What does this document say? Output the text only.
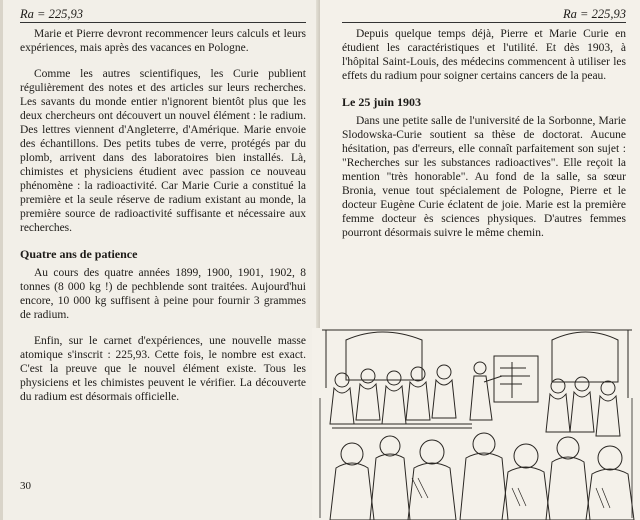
Ra = 225,93

Marie et Pierre devront recommencer leurs calculs et leurs expériences, mais après des vacances en Pologne.

Comme les autres scientifiques, les Curie publient régulièrement des notes et des articles sur leurs recherches. Les savants du monde entier n'ignorent bientôt plus que les deux chercheurs ont découvert un nouvel élément : le radium. Des lettres viennent d'Angleterre, d'Amérique. Marie envoie des échantillons. Des petits tubes de verre, protégés par du plomb, arrivent dans des laboratoires bien installés. Là, chimistes et physiciens étudient avec passion ce nouveau phénomène : la radioactivité. Car Marie Curie a constitué la première et la seule réserve de radium existant au monde, la première source de radioactivité suffisante et nécessaire aux recherches.

Quatre ans de patience

Au cours des quatre années 1899, 1900, 1901, 1902, 8 tonnes (8 000 kg !) de pechblende sont traitées. Aujourd'hui encore, 10 000 kg suffisent à peine pour fournir 3 grammes de radium.

Enfin, sur le carnet d'expériences, une nouvelle masse atomique s'inscrit : 225,93. Cette fois, le nombre est exact. C'est la preuve que le nouvel élément existe. Tous les physiciens et les chimistes peuvent le vérifier. La découverte du radium est désormais officielle.

30
Ra = 225,93

Depuis quelque temps déjà, Pierre et Marie Curie en étudient les caractéristiques et l'utilité. Et dès 1903, à l'hôpital Saint-Louis, des médecins commencent à utiliser les effets du radium pour soigner certains cancers de la peau.

Le 25 juin 1903

Dans une petite salle de l'université de la Sorbonne, Marie Slodowska-Curie soutient sa thèse de doctorat. Aucune hésitation, pas d'erreurs, elle connaît parfaitement son sujet : "Recherches sur les substances radioactives". Elle reçoit la mention "très honorable". Au fond de la salle, sa sœur Bronia, venue tout spécialement de Pologne, Pierre et le docteur Eugène Curie éclatent de joie. Marie est la première femme docteur ès sciences physiques. D'autres femmes pourront désormais suivre le même chemin.
